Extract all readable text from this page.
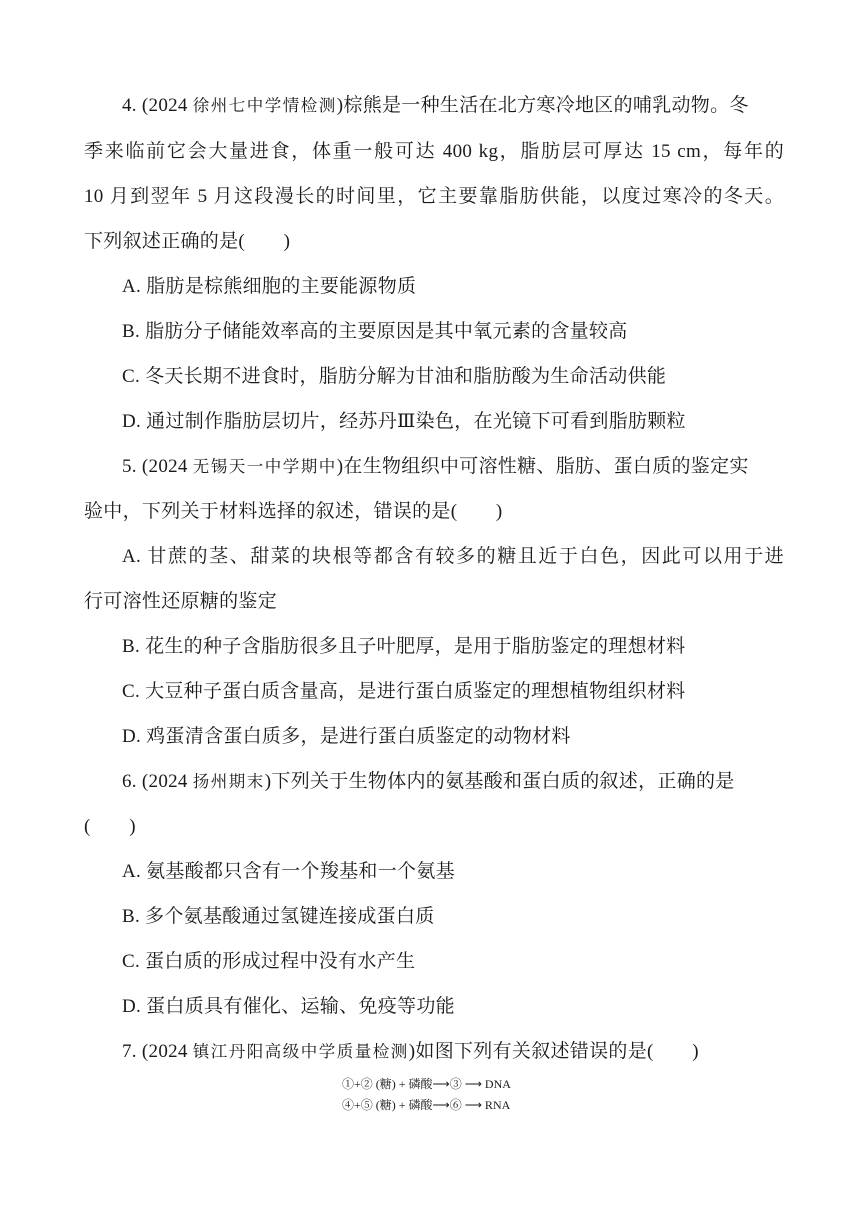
4. (2024 徐州七中学情检测)棕熊是一种生活在北方寒冷地区的哺乳动物。冬
季来临前它会大量进食，体重一般可达 400 kg，脂肪层可厚达 15 cm，每年的
10 月到翌年 5 月这段漫长的时间里，它主要靠脂肪供能，以度过寒冷的冬天。
下列叙述正确的是(　　)
A. 脂肪是棕熊细胞的主要能源物质
B. 脂肪分子储能效率高的主要原因是其中氧元素的含量较高
C. 冬天长期不进食时，脂肪分解为甘油和脂肪酸为生命活动供能
D. 通过制作脂肪层切片，经苏丹Ⅲ染色，在光镜下可看到脂肪颗粒
5. (2024 无锡天一中学期中)在生物组织中可溶性糖、脂肪、蛋白质的鉴定实
验中，下列关于材料选择的叙述，错误的是(　　)
A. 甘蔗的茎、甜菜的块根等都含有较多的糖且近于白色，因此可以用于进
行可溶性还原糖的鉴定
B. 花生的种子含脂肪很多且子叶肥厚，是用于脂肪鉴定的理想材料
C. 大豆种子蛋白质含量高，是进行蛋白质鉴定的理想植物组织材料
D. 鸡蛋清含蛋白质多，是进行蛋白质鉴定的动物材料
6. (2024 扬州期末)下列关于生物体内的氨基酸和蛋白质的叙述，正确的是
(　　)
A. 氨基酸都只含有一个羧基和一个氨基
B. 多个氨基酸通过氢键连接成蛋白质
C. 蛋白质的形成过程中没有水产生
D. 蛋白质具有催化、运输、免疫等功能
7. (2024 镇江丹阳高级中学质量检测)如图下列有关叙述错误的是(　　)
①+② (糖) + 磷酸⟶③ ⟶ DNA
④+⑤ (糖) + 磷酸⟶⑥ ⟶ RNA
